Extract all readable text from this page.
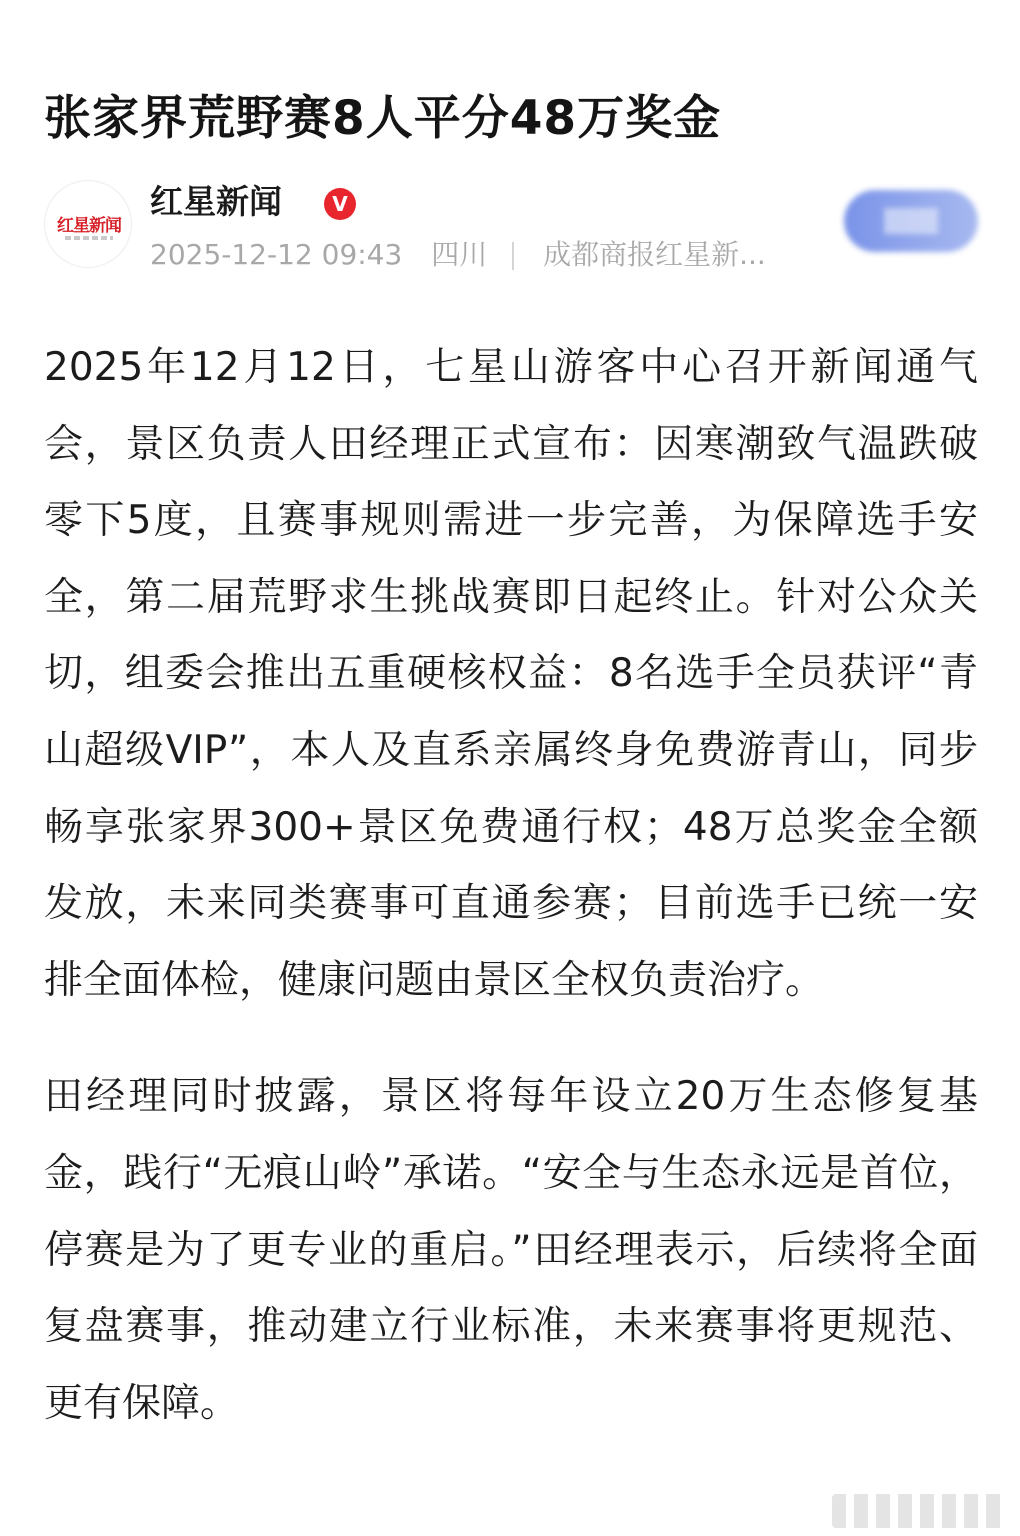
张家界荒野赛8人平分48万奖金
红星新闻
红星新闻	V
2025-12-12 09:43 四川 成都商报红星新...

2025年12月12日，七星山游客中心召开新闻通气会，景区负责人田经理正式宣布：因寒潮致气温跌破零下5度，且赛事规则需进一步完善，为保障选手安全，第二届荒野求生挑战赛即日起终止。针对公众关切，组委会推出五重硬核权益：8名选手全员获评“青山超级VIP”，本人及直系亲属终身免费游青山，同步畅享张家界300+景区免费通行权；48万总奖金全额发放，未来同类赛事可直通参赛；目前选手已统一安排全面体检，健康问题由景区全权负责治疗。

田经理同时披露，景区将每年设立20万生态修复基金，践行“无痕山岭”承诺。“安全与生态永远是首位，停赛是为了更专业的重启。”田经理表示，后续将全面复盘赛事，推动建立行业标准，未来赛事将更规范、更有保障。
